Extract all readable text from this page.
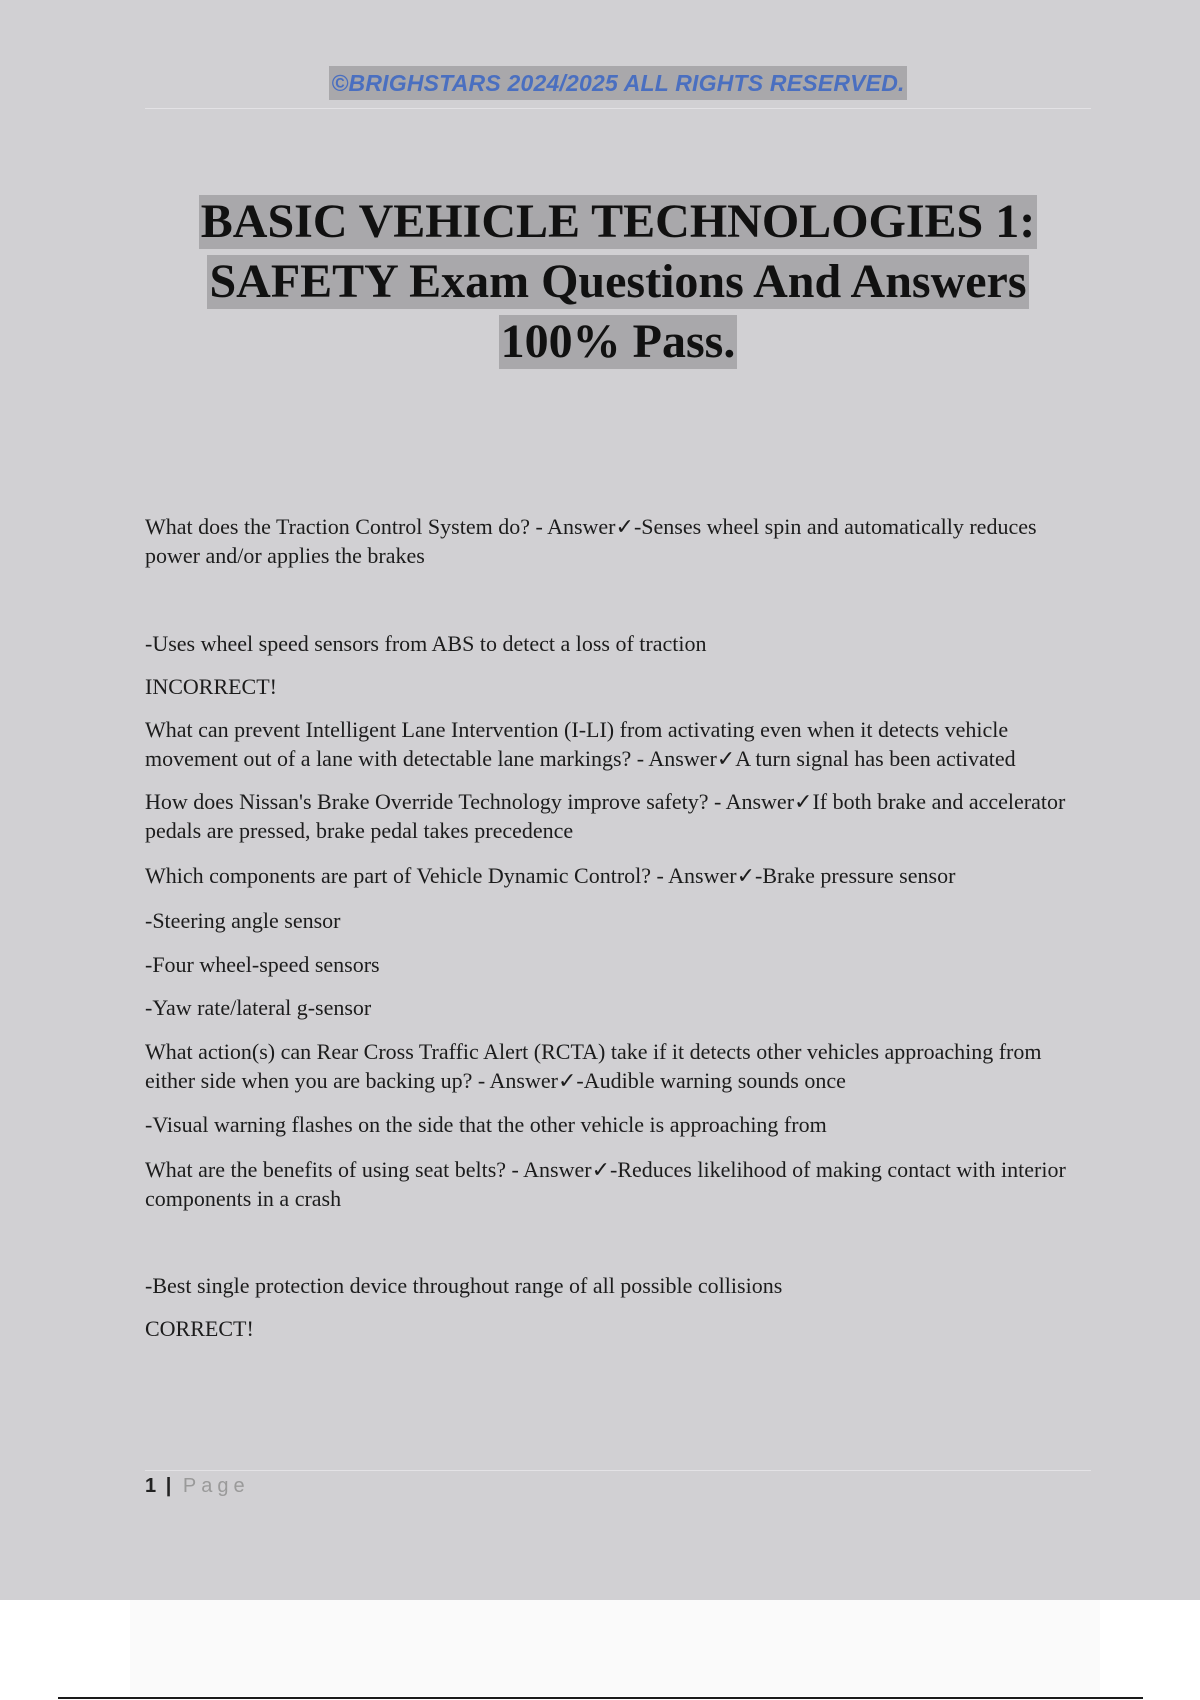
©BRIGHSTARS 2024/2025 ALL RIGHTS RESERVED.
BASIC VEHICLE TECHNOLOGIES 1:
SAFETY Exam Questions And Answers
100% Pass.

What does the Traction Control System do? - Answer✓-Senses wheel spin and automatically reduces power and/or applies the brakes

-Uses wheel speed sensors from ABS to detect a loss of traction

INCORRECT!

What can prevent Intelligent Lane Intervention (I-LI) from activating even when it detects vehicle movement out of a lane with detectable lane markings? - Answer✓A turn signal has been activated

How does Nissan's Brake Override Technology improve safety? - Answer✓If both brake and accelerator pedals are pressed, brake pedal takes precedence

Which components are part of Vehicle Dynamic Control? - Answer✓-Brake pressure sensor

-Steering angle sensor

-Four wheel-speed sensors

-Yaw rate/lateral g-sensor

What action(s) can Rear Cross Traffic Alert (RCTA) take if it detects other vehicles approaching from either side when you are backing up? - Answer✓-Audible warning sounds once

-Visual warning flashes on the side that the other vehicle is approaching from

What are the benefits of using seat belts? - Answer✓-Reduces likelihood of making contact with interior components in a crash

-Best single protection device throughout range of all possible collisions

CORRECT!

1 | Page
